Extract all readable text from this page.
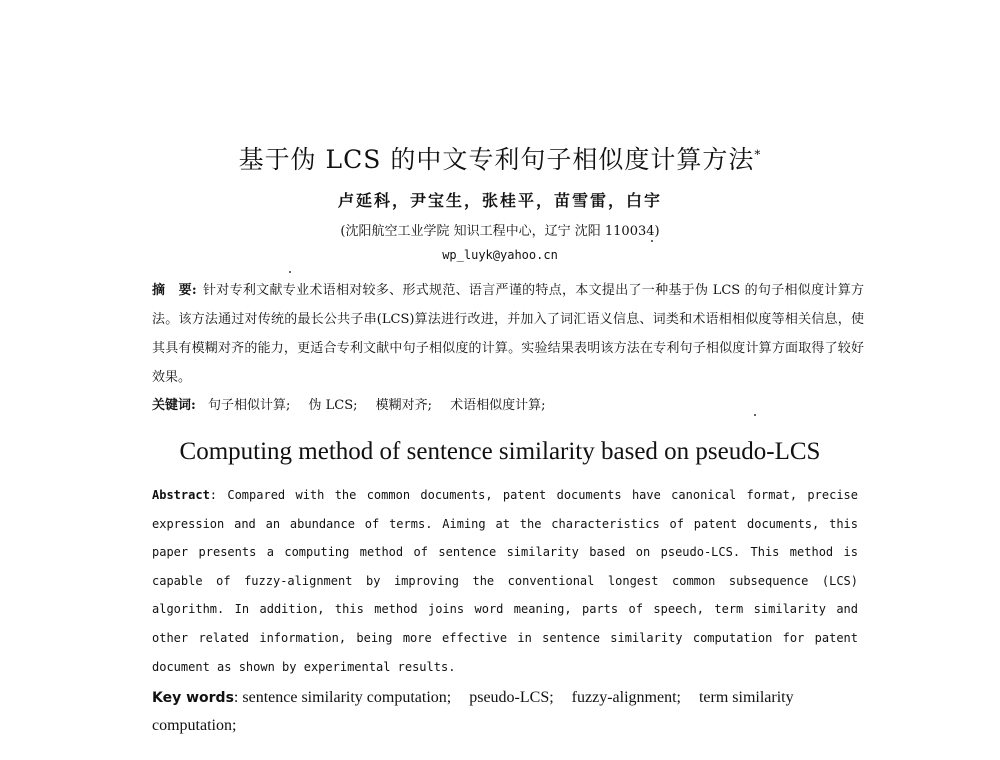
基于伪 LCS 的中文专利句子相似度计算方法*
卢延科，尹宝生，张桂平，苗雪雷，白宇
(沈阳航空工业学院 知识工程中心，辽宁 沈阳 110034)
wp_luyk@yahoo.cn
摘　要: 针对专利文献专业术语相对较多、形式规范、语言严谨的特点，本文提出了一种基于伪 LCS 的句子相似度计算方法。该方法通过对传统的最长公共子串(LCS)算法进行改进，并加入了词汇语义信息、词类和术语相相似度等相关信息，使其具有模糊对齐的能力，更适合专利文献中句子相似度的计算。实验结果表明该方法在专利句子相似度计算方面取得了较好效果。
关键词: 句子相似计算; 伪 LCS; 模糊对齐; 术语相似度计算;
Computing method of sentence similarity based on pseudo-LCS
Abstract: Compared with the common documents, patent documents have canonical format, precise expression and an abundance of terms. Aiming at the characteristics of patent documents, this paper presents a computing method of sentence similarity based on pseudo-LCS. This method is capable of fuzzy-alignment by improving the conventional longest common subsequence (LCS) algorithm. In addition, this method joins word meaning, parts of speech, term similarity and other related information, being more effective in sentence similarity computation for patent document as shown by experimental results.
Key words: sentence similarity computation; pseudo-LCS; fuzzy-alignment; term similarity computation;
